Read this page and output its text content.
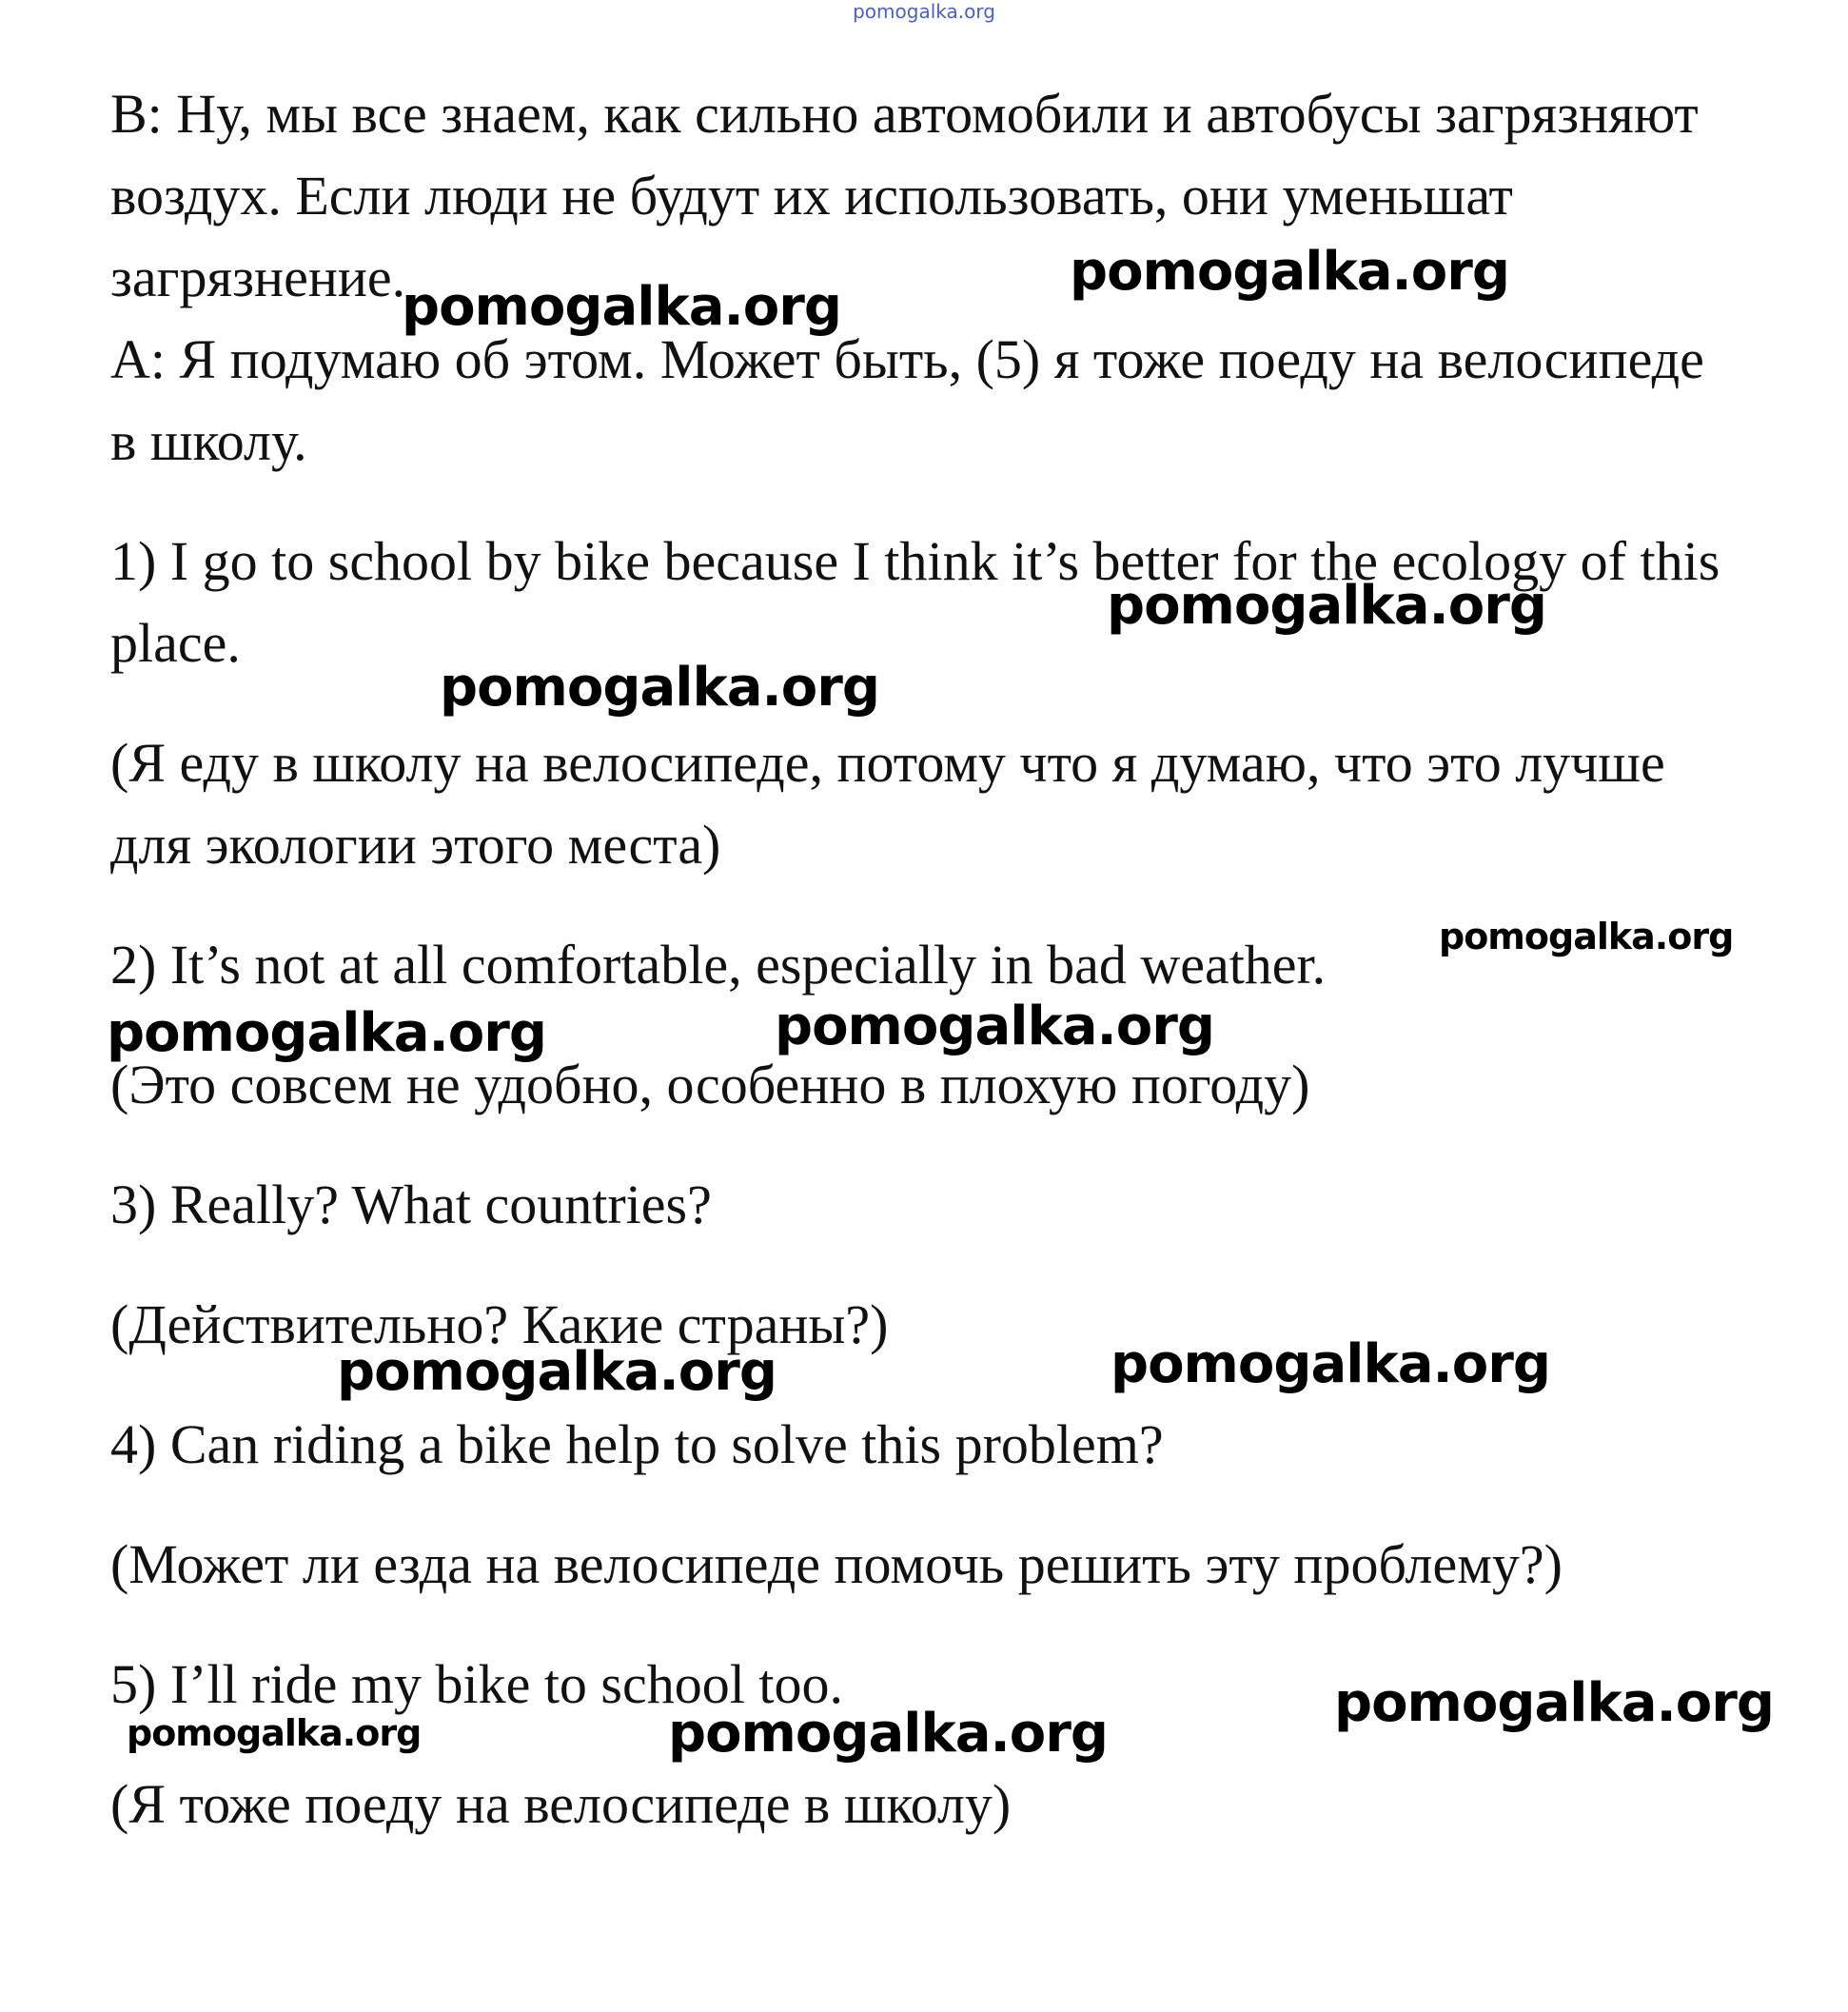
pomogalka.org
B: Ну, мы все знаем, как сильно автомобили и автобусы загрязняют
воздух. Если люди не будут их использовать, они уменьшат
загрязнение.
A: Я подумаю об этом. Может быть, (5) я тоже поеду на велосипеде
в школу.
1) I go to school by bike because I think it’s better for the ecology of this
place.
(Я еду в школу на велосипеде, потому что я думаю, что это лучше
для экологии этого места)
2) It’s not at all comfortable, especially in bad weather.
(Это совсем не удобно, особенно в плохую погоду)
3) Really? What countries?
(Действительно? Какие страны?)
4) Can riding a bike help to solve this problem?
(Может ли езда на велосипеде помочь решить эту проблему?)
5) I’ll ride my bike to school too.
(Я тоже поеду на велосипеде в школу)
pomogalka.org
pomogalka.org
pomogalka.org
pomogalka.org
pomogalka.org
pomogalka.org
pomogalka.org
pomogalka.org
pomogalka.org
pomogalka.org
pomogalka.org	pomogalka.org
